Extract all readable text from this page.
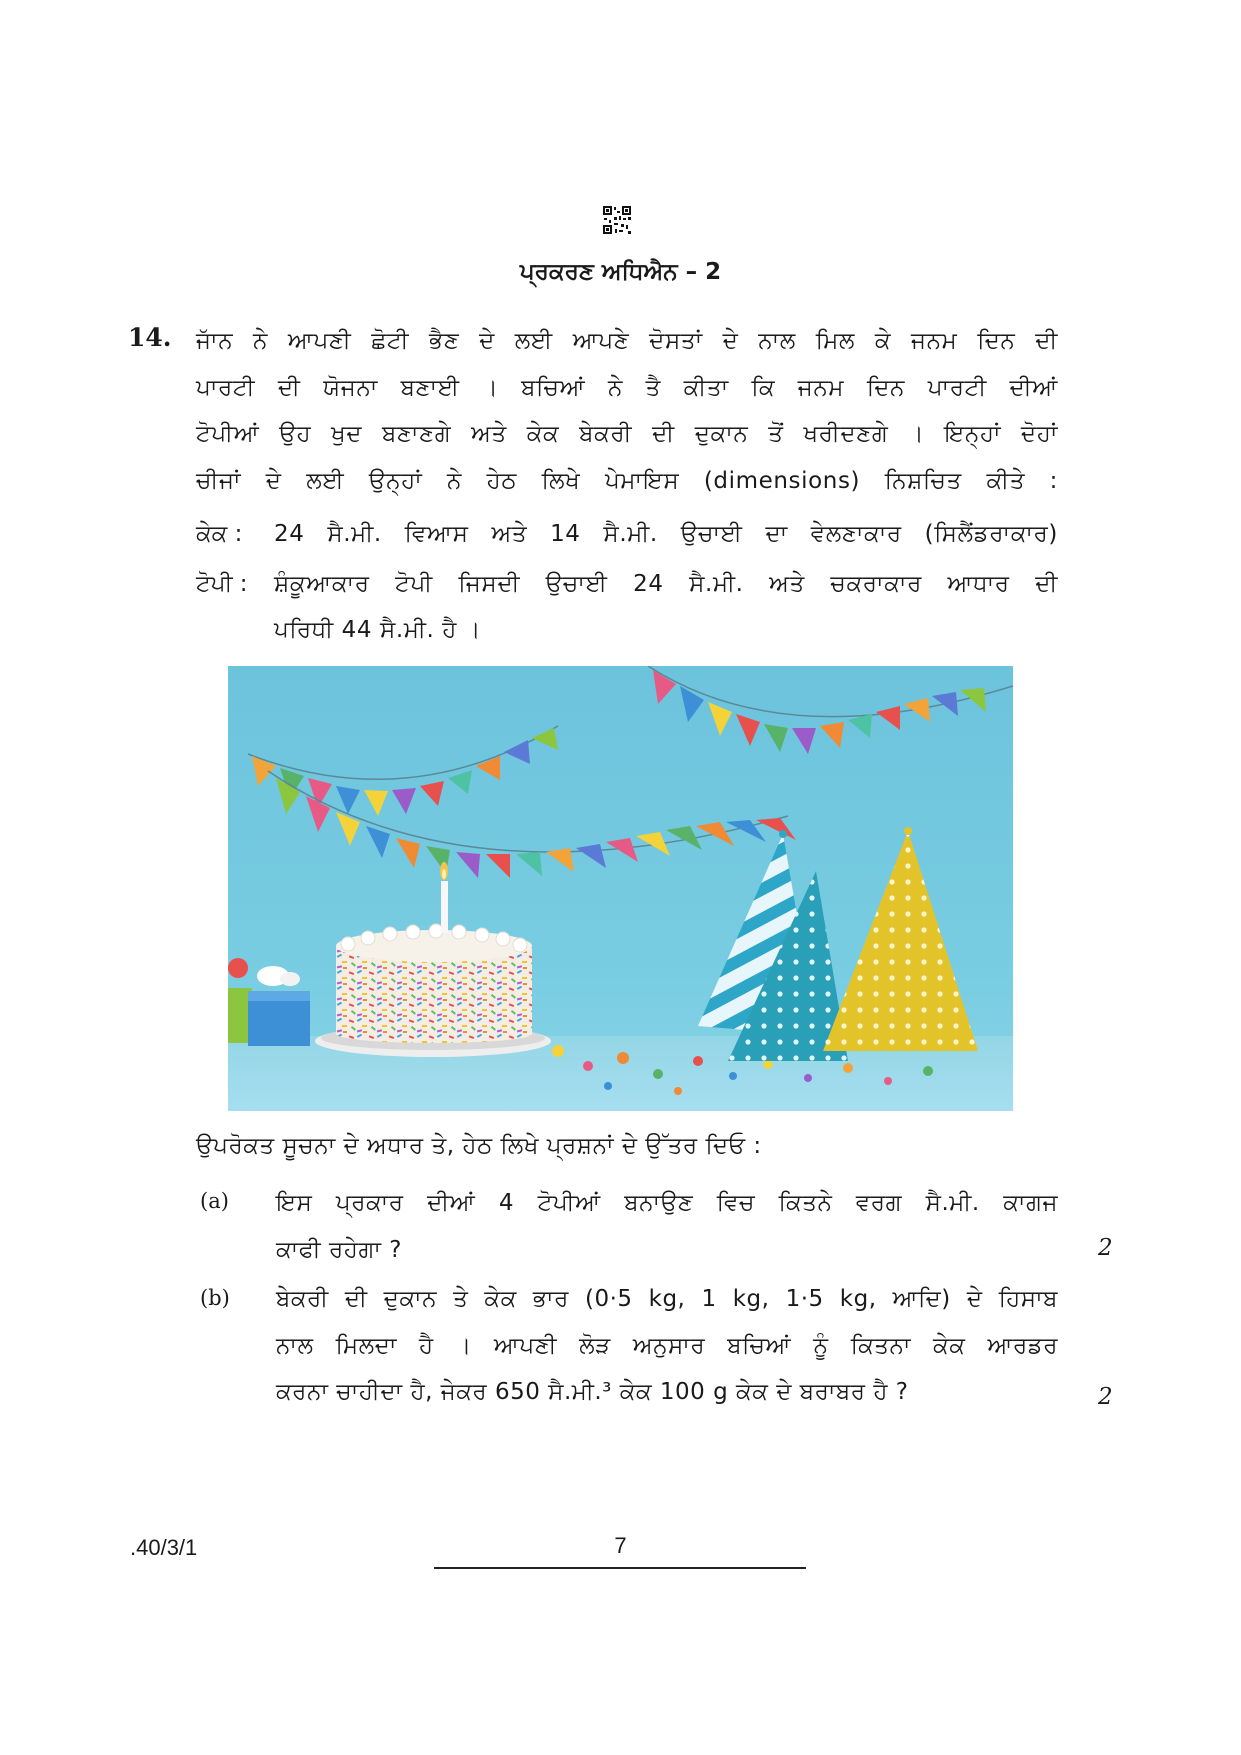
ਪ੍ਰਕਰਣ ਅਧਿਐਨ – 2
14. ਜਾੱਨ ਨੇ ਆਪਣੀ ਛੋਟੀ ਭੈਣ ਦੇ ਲਈ ਆਪਣੇ ਦੋਸਤਾਂ ਦੇ ਨਾਲ ਮਿਲ ਕੇ ਜਨਮ ਦਿਨ ਦੀ
ਪਾਰਟੀ ਦੀ ਯੋਜਨਾ ਬਣਾਈ । ਬਚਿਆਂ ਨੇ ਤੈ ਕੀਤਾ ਕਿ ਜਨਮ ਦਿਨ ਪਾਰਟੀ ਦੀਆਂ
ਟੋਪੀਆਂ ਉਹ ਖੁਦ ਬਣਾਣਗੇ ਅਤੇ ਕੇਕ ਬੇਕਰੀ ਦੀ ਦੁਕਾਨ ਤੋਂ ਖਰੀਦਣਗੇ । ਇਨ੍ਹਾਂ ਦੋਹਾਂ
ਚੀਜਾਂ ਦੇ ਲਈ ਉਨ੍ਹਾਂ ਨੇ ਹੇਠ ਲਿਖੇ ਪੇਮਾਇਸ (dimensions) ਨਿਸ਼ਚਿਤ ਕੀਤੇ :
ਕੇਕ : 24 ਸੈ.ਮੀ. ਵਿਆਸ ਅਤੇ 14 ਸੈ.ਮੀ. ਉਚਾਈ ਦਾ ਵੇਲਣਾਕਾਰ (ਸਿਲੈਂਡਰਾਕਾਰ)
ਟੋਪੀ : ਸ਼ੰਕੂਆਕਾਰ ਟੋਪੀ ਜਿਸਦੀ ਉਚਾਈ 24 ਸੈ.ਮੀ. ਅਤੇ ਚਕਰਾਕਾਰ ਆਧਾਰ ਦੀ
ਪਰਿਧੀ 44 ਸੈ.ਮੀ. ਹੈ ।
ਉਪਰੋਕਤ ਸੂਚਨਾ ਦੇ ਅਧਾਰ ਤੇ, ਹੇਠ ਲਿਖੇ ਪ੍ਰਸ਼ਨਾਂ ਦੇ ਉੱਤਰ ਦਿਓ :
(a) ਇਸ ਪ੍ਰਕਾਰ ਦੀਆਂ 4 ਟੋਪੀਆਂ ਬਨਾਉਣ ਵਿਚ ਕਿਤਨੇ ਵਰਗ ਸੈ.ਮੀ. ਕਾਗਜ
ਕਾਫੀ ਰਹੇਗਾ ?	2
(b) ਬੇਕਰੀ ਦੀ ਦੁਕਾਨ ਤੇ ਕੇਕ ਭਾਰ (0·5 kg, 1 kg, 1·5 kg, ਆਦਿ) ਦੇ ਹਿਸਾਬ
ਨਾਲ ਮਿਲਦਾ ਹੈ । ਆਪਣੀ ਲੋੜ ਅਨੁਸਾਰ ਬਚਿਆਂ ਨੂੰ ਕਿਤਨਾ ਕੇਕ ਆਰਡਰ
ਕਰਨਾ ਚਾਹੀਦਾ ਹੈ, ਜੇਕਰ 650 ਸੈ.ਮੀ.³ ਕੇਕ 100 g ਕੇਕ ਦੇ ਬਰਾਬਰ ਹੈ ?	2
.40/3/1	7
